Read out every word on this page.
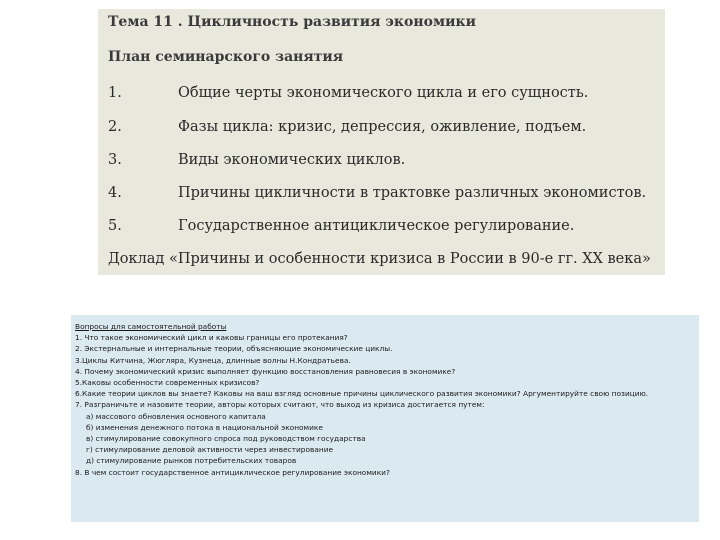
Тема 11 . Цикличность развития экономики
План семинарского занятия
1.	Общие черты экономического цикла и его сущность.
2.	Фазы цикла: кризис, депрессия, оживление, подъем.
3.	Виды экономических циклов.
4.	Причины цикличности в трактовке различных экономистов.
5.	Государственное антициклическое регулирование.
Доклад «Причины и особенности кризиса в России в 90-е гг. XX века»
Вопросы для самостоятельной работы
1. Что такое экономический цикл и каковы границы его протекания?
2. Экстернальные и интернальные теории, объясняющие экономические циклы.
3.Циклы Китчина, Жюгляра, Кузнеца, длинные волны Н.Кондратьева.
4. Почему экономический кризис выполняет функцию восстановления равновесия в экономике?
5.Каковы особенности современных кризисов?
6.Какие теории циклов вы знаете? Каковы на ваш взгляд основные причины циклического развития экономики? Аргументируйте свою позицию.
7. Разграничьте и назовите теории, авторы которых считают, что выход из кризиса достигается путем:
а) массового обновления основного капитала
б) изменения денежного потока в национальной экономике
в) стимулирование совокупного спроса под руководством государства
г) стимулирование деловой активности через инвестирование
д) стимулирование рынков потребительских товаров
8. В чем состоит государственное антициклическое регулирование экономики?
